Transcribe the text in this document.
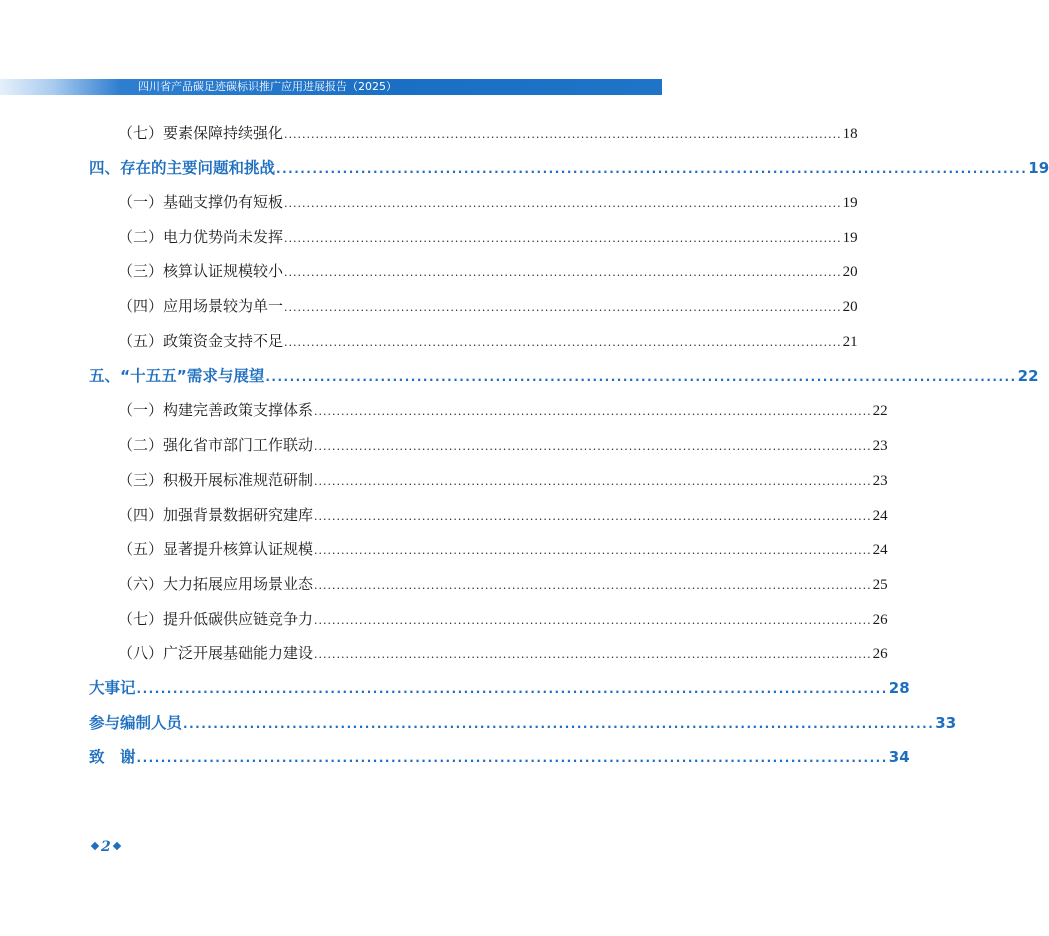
四川省产品碳足迹碳标识推广应用进展报告（2025）
（七）要素保障持续强化 ............................................................................................................................ 18
四、存在的主要问题和挑战 ............................................................................................................................ 19
（一）基础支撑仍有短板 ............................................................................................................................ 19
（二）电力优势尚未发挥 ............................................................................................................................ 19
（三）核算认证规模较小 ............................................................................................................................ 20
（四）应用场景较为单一 ............................................................................................................................ 20
（五）政策资金支持不足 ............................................................................................................................ 21
五、“十五五”需求与展望 ............................................................................................................................ 22
（一）构建完善政策支撑体系 ............................................................................................................................ 22
（二）强化省市部门工作联动 ............................................................................................................................ 23
（三）积极开展标准规范研制 ............................................................................................................................ 23
（四）加强背景数据研究建库 ............................................................................................................................ 24
（五）显著提升核算认证规模 ............................................................................................................................ 24
（六）大力拓展应用场景业态 ............................................................................................................................ 25
（七）提升低碳供应链竞争力 ............................................................................................................................ 26
（八）广泛开展基础能力建设 ............................................................................................................................ 26
大事记 ............................................................................................................................ 28
参与编制人员 ............................................................................................................................ 33
致　谢 ............................................................................................................................ 34
2
